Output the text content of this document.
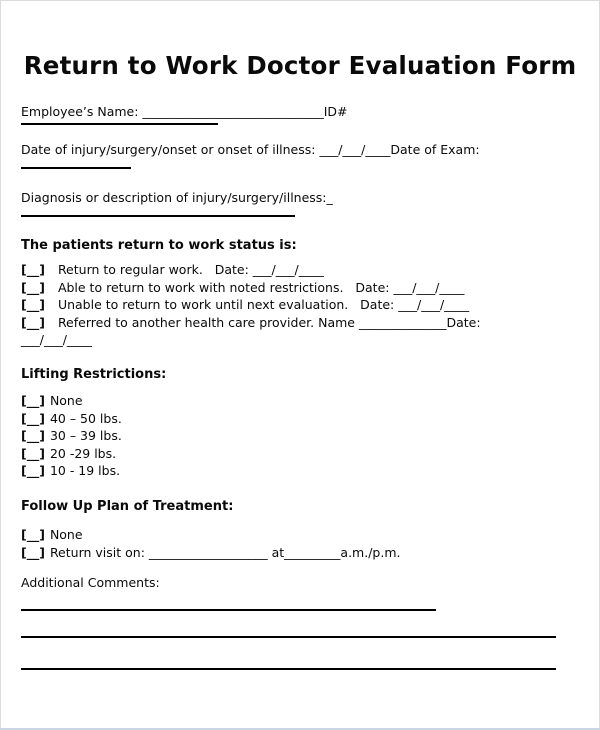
Return to Work Doctor Evaluation Form
Employee’s Name: _____________________________ID#
Date of injury/surgery/onset or onset of illness: ___/___/____Date of Exam:
Diagnosis or description of injury/surgery/illness:_
The patients return to work status is:
[__] Return to regular work.   Date: ___/___/____
[__] Able to return to work with noted restrictions.   Date: ___/___/____
[__] Unable to return to work until next evaluation.   Date: ___/___/____
[__] Referred to another health care provider. Name ______________Date:
___/___/____
Lifting Restrictions:
[__] None
[__] 40 – 50 lbs.
[__] 30 – 39 lbs.
[__] 20 -29 lbs.
[__] 10 - 19 lbs.
Follow Up Plan of Treatment:
[__] None
[__] Return visit on: ___________________ at_________a.m./p.m.
Additional Comments:
